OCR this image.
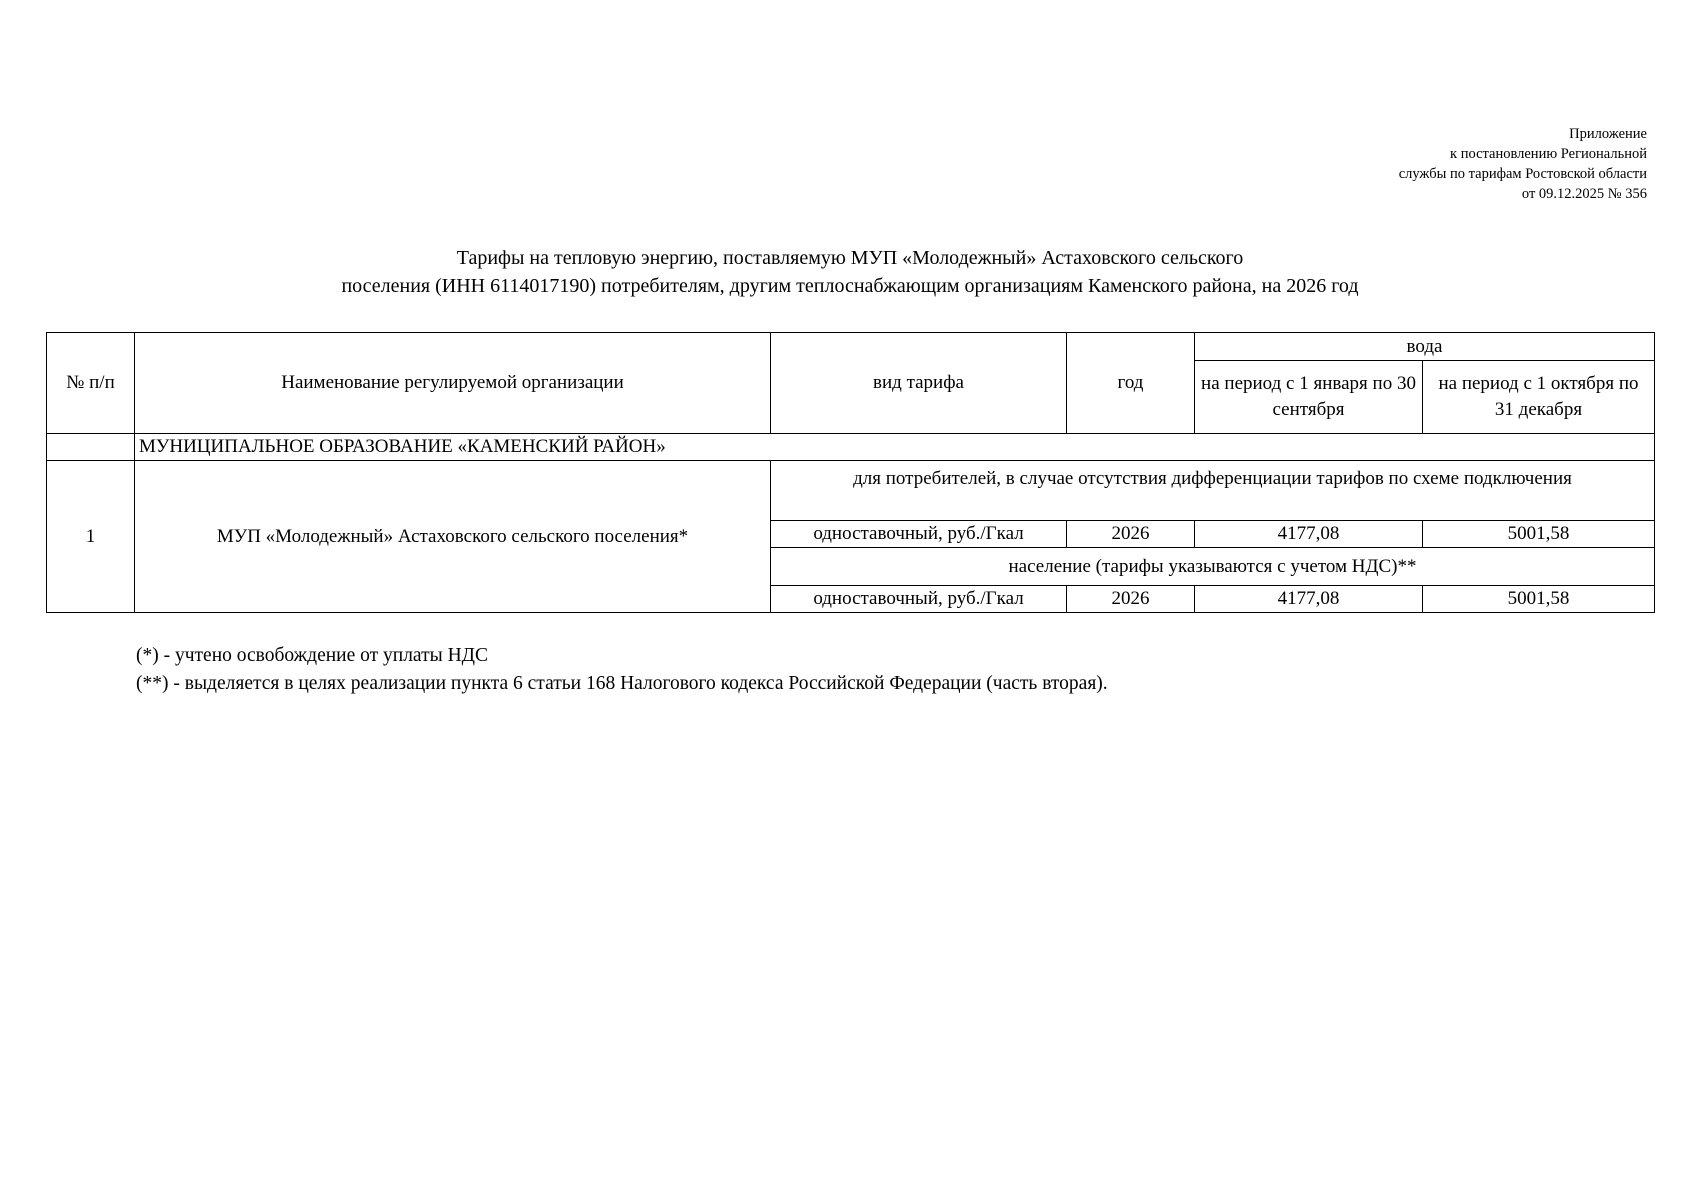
Приложение
к постановлению Региональной
службы по тарифам Ростовской области
от 09.12.2025 № 356
Тарифы на тепловую энергию, поставляемую МУП «Молодежный» Астаховского сельского
поселения (ИНН 6114017190) потребителям, другим теплоснабжающим организациям Каменского района, на 2026 год
№ п/п	Наименование регулируемой организации	вид тарифа	год	вода	
				на период с 1 января по 30 сентября	на период с 1 октября по 31 декабря
	МУНИЦИПАЛЬНОЕ ОБРАЗОВАНИЕ «КАМЕНСКИЙ РАЙОН»				
1	МУП «Молодежный» Астаховского сельского поселения*	для потребителей, в случае отсутствия дифференциации тарифов по схеме подключения			
		одноставочный, руб./Гкал	2026	4177,08	5001,58
		население (тарифы указываются с учетом НДС)**			
		одноставочный, руб./Гкал	2026	4177,08	5001,58
(*) - учтено освобождение от уплаты НДС
(**) - выделяется в целях реализации пункта 6 статьи 168 Налогового кодекса Российской Федерации (часть вторая).
